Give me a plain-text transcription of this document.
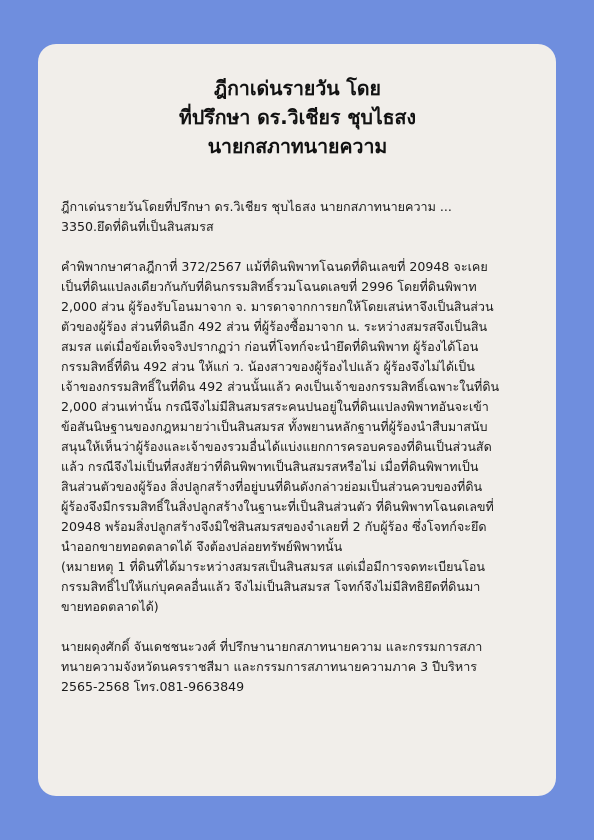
ฎีกาเด่นรายวัน โดย
ที่ปรึกษา ดร.วิเชียร ชุบไธสง
นายกสภาทนายความ

ฎีกาเด่นรายวันโดยที่ปรึกษา ดร.วิเชียร ชุบไธสง นายกสภาทนายความ ...
3350.ยึดที่ดินที่เป็นสินสมรส

คำพิพากษาศาลฎีกาที่ 372/2567 แม้ที่ดินพิพาทโฉนดที่ดินเลขที่ 20948 จะเคย
เป็นที่ดินแปลงเดียวกันกับที่ดินกรรมสิทธิ์รวมโฉนดเลขที่ 2996 โดยที่ดินพิพาท
2,000 ส่วน ผู้ร้องรับโอนมาจาก จ. มารดาจากการยกให้โดยเสน่หาจึงเป็นสินส่วน
ตัวของผู้ร้อง ส่วนที่ดินอีก 492 ส่วน ที่ผู้ร้องซื้อมาจาก น. ระหว่างสมรสจึงเป็นสิน
สมรส แต่เมื่อข้อเท็จจริงปรากฏว่า ก่อนที่โจทก์จะนำยึดที่ดินพิพาท ผู้ร้องได้โอน
กรรมสิทธิ์ที่ดิน 492 ส่วน ให้แก่ ว. น้องสาวของผู้ร้องไปแล้ว ผู้ร้องจึงไม่ได้เป็น
เจ้าของกรรมสิทธิ์ในที่ดิน 492 ส่วนนั้นแล้ว คงเป็นเจ้าของกรรมสิทธิ์เฉพาะในที่ดิน
2,000 ส่วนเท่านั้น กรณีจึงไม่มีสินสมรสระคนปนอยู่ในที่ดินแปลงพิพาทอันจะเข้า
ข้อสันนิษฐานของกฎหมายว่าเป็นสินสมรส ทั้งพยานหลักฐานที่ผู้ร้องนำสืบมาสนับ
สนุนให้เห็นว่าผู้ร้องและเจ้าของรวมอื่นได้แบ่งแยกการครอบครองที่ดินเป็นส่วนสัด
แล้ว กรณีจึงไม่เป็นที่สงสัยว่าที่ดินพิพาทเป็นสินสมรสหรือไม่ เมื่อที่ดินพิพาทเป็น
สินส่วนตัวของผู้ร้อง สิ่งปลูกสร้างที่อยู่บนที่ดินดังกล่าวย่อมเป็นส่วนควบของที่ดิน
ผู้ร้องจึงมีกรรมสิทธิ์ในสิ่งปลูกสร้างในฐานะที่เป็นสินส่วนตัว ที่ดินพิพาทโฉนดเลขที่
20948 พร้อมสิ่งปลูกสร้างจึงมิใช่สินสมรสของจำเลยที่ 2 กับผู้ร้อง ซึ่งโจทก์จะยึด
นำออกขายทอดตลาดได้ จึงต้องปล่อยทรัพย์พิพาทนั้น
(หมายหตุ 1 ที่ดินที่ได้มาระหว่างสมรสเป็นสินสมรส แต่เมื่อมีการจดทะเบียนโอน
กรรมสิทธิ์ไปให้แก่บุคคลอื่นแล้ว จึงไม่เป็นสินสมรส โจทก์จึงไม่มีสิทธิยึดที่ดินมา
ขายทอดตลาดได้)

นายผดุงศักดิ์ จันเดชชนะวงศ์ ที่ปรึกษานายกสภาทนายความ และกรรมการสภา
ทนายความจังหวัดนครราชสีมา และกรรมการสภาทนายความภาค 3 ปีบริหาร
2565-2568 โทร.081-9663849
